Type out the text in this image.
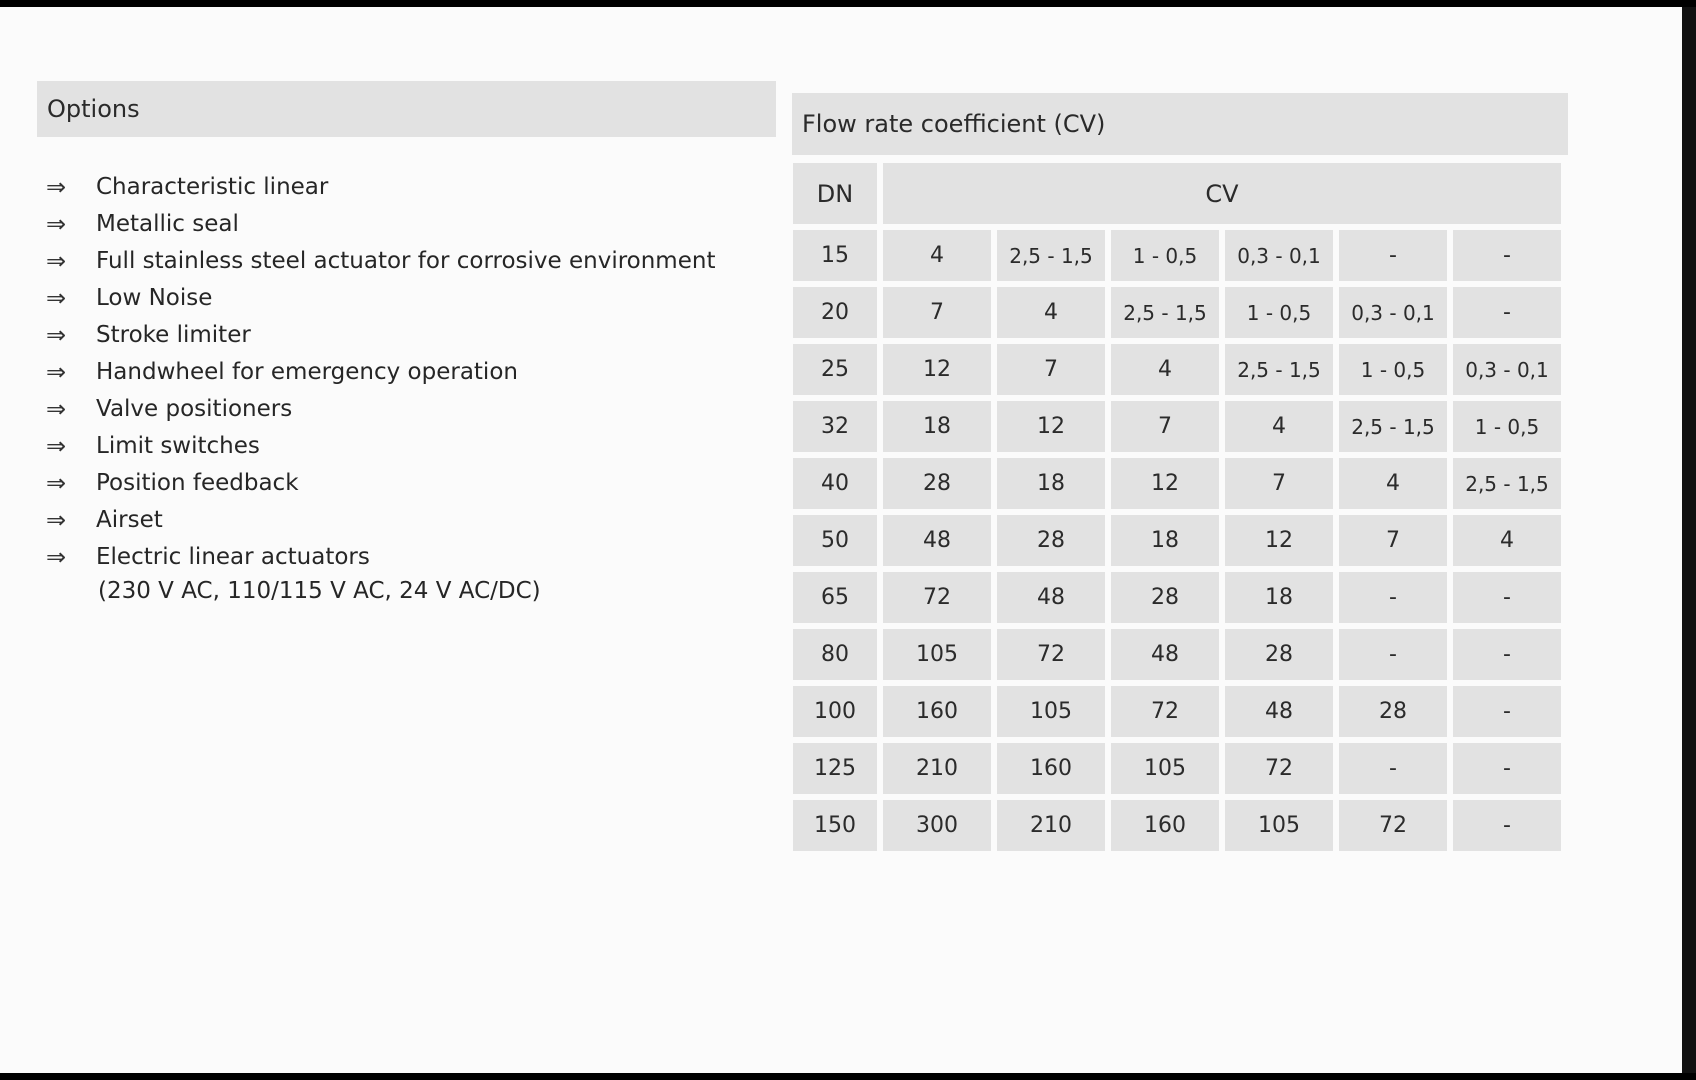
Options
⇒	Characteristic linear
⇒	Metallic seal
⇒	Full stainless steel actuator for corrosive environment
⇒	Low Noise
⇒	Stroke limiter
⇒	Handwheel for emergency operation
⇒	Valve positioners
⇒	Limit switches
⇒	Position feedback
⇒	Airset
⇒	Electric linear actuators
(230 V AC, 110/115 V AC, 24 V AC/DC)
Flow rate coefficient (CV)
DN	CV					
15	4	2,5 - 1,5	1 - 0,5	0,3 - 0,1	-	-
20	7	4	2,5 - 1,5	1 - 0,5	0,3 - 0,1	-
25	12	7	4	2,5 - 1,5	1 - 0,5	0,3 - 0,1
32	18	12	7	4	2,5 - 1,5	1 - 0,5
40	28	18	12	7	4	2,5 - 1,5
50	48	28	18	12	7	4
65	72	48	28	18	-	-
80	105	72	48	28	-	-
100	160	105	72	48	28	-
125	210	160	105	72	-	-
150	300	210	160	105	72	-
